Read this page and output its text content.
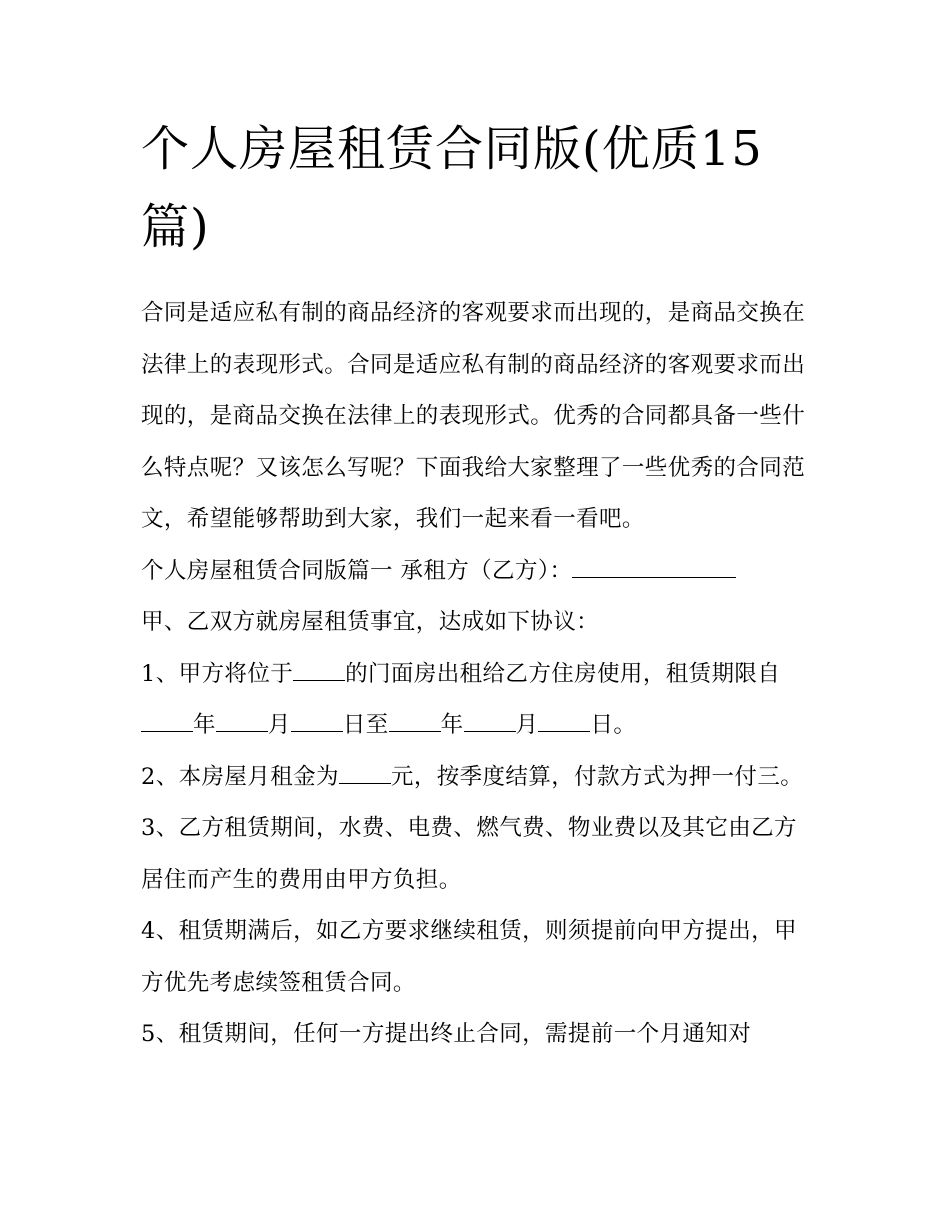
个人房屋租赁合同版(优质15篇)

合同是适应私有制的商品经济的客观要求而出现的，是商品交换在法律上的表现形式。合同是适应私有制的商品经济的客观要求而出现的，是商品交换在法律上的表现形式。优秀的合同都具备一些什么特点呢？又该怎么写呢？下面我给大家整理了一些优秀的合同范文，希望能够帮助到大家，我们一起来看一看吧。

个人房屋租赁合同版篇一 承租方（乙方）：

甲、乙双方就房屋租赁事宜，达成如下协议：

1、甲方将位于 的门面房出租给乙方住房使用，租赁期限自年 月 日至 年 月 日。

2、本房屋月租金为 元，按季度结算，付款方式为押一付三。 3、乙方租赁期间，水费、电费、燃气费、物业费以及其它由乙方居住而产生的费用由甲方负担。

4、租赁期满后，如乙方要求继续租赁，则须提前向甲方提出，甲方优先考虑续签租赁合同。

5、租赁期间，任何一方提出终止合同，需提前一个月通知对
